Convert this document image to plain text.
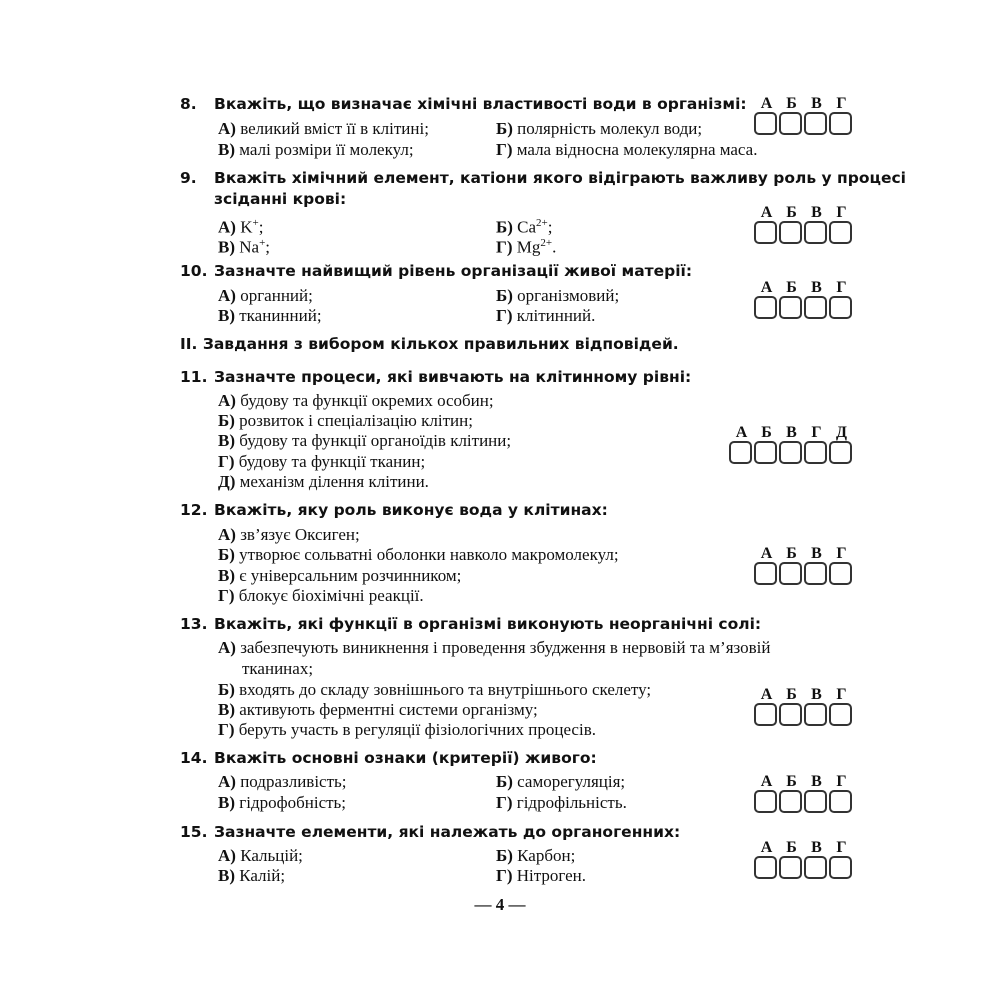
8. Вкажіть, що визначає хімічні властивості води в організмі:
А) великий вміст її в клітині;	Б) полярність молекул води;
В) малі розміри її молекул;	Г) мала відносна молекулярна маса.
А Б В Г
9. Вкажіть хімічний елемент, катіони якого відіграють важливу роль у процесі
зсіданні крові:
А) K+;	Б) $Ca^{2+}$;
В) Na+;	Г) $Mg^{2+}$.
А Б В Г
10. Зазначте найвищий рівень організації живої матерії:
А) органний;	Б) організмовий;
В) тканинний;	Г) клітинний.
А Б В Г
II. Завдання з вибором кількох правильних відповідей.
11. Зазначте процеси, які вивчають на клітинному рівні:
А) будову та функції окремих особин;
Б) розвиток і спеціалізацію клітин;
В) будову та функції органоїдів клітини;
Г) будову та функції тканин;
Д) механізм ділення клітини.
А Б В Г Д
12. Вкажіть, яку роль виконує вода у клітинах:
А) зв’язує Оксиген;
Б) утворює сольватні оболонки навколо макромолекул;
В) є універсальним розчинником;
Г) блокує біохімічні реакції.
А Б В Г
13. Вкажіть, які функції в організмі виконують неорганічні солі:
А) забезпечують виникнення і проведення збудження в нервовій та м’язовій
тканинах;
Б) входять до складу зовнішнього та внутрішнього скелету;
В) активують ферментні системи організму;
Г) беруть участь в регуляції фізіологічних процесів.
А Б В Г
14. Вкажіть основні ознаки (критерії) живого:
А) подразливість;	Б) саморегуляція;
В) гідрофобність;	Г) гідрофільність.
А Б В Г
15. Зазначте елементи, які належать до органогенних:
А) Кальцій;	Б) Карбон;
В) Калій;	Г) Нітроген.
А Б В Г
— 4 —
